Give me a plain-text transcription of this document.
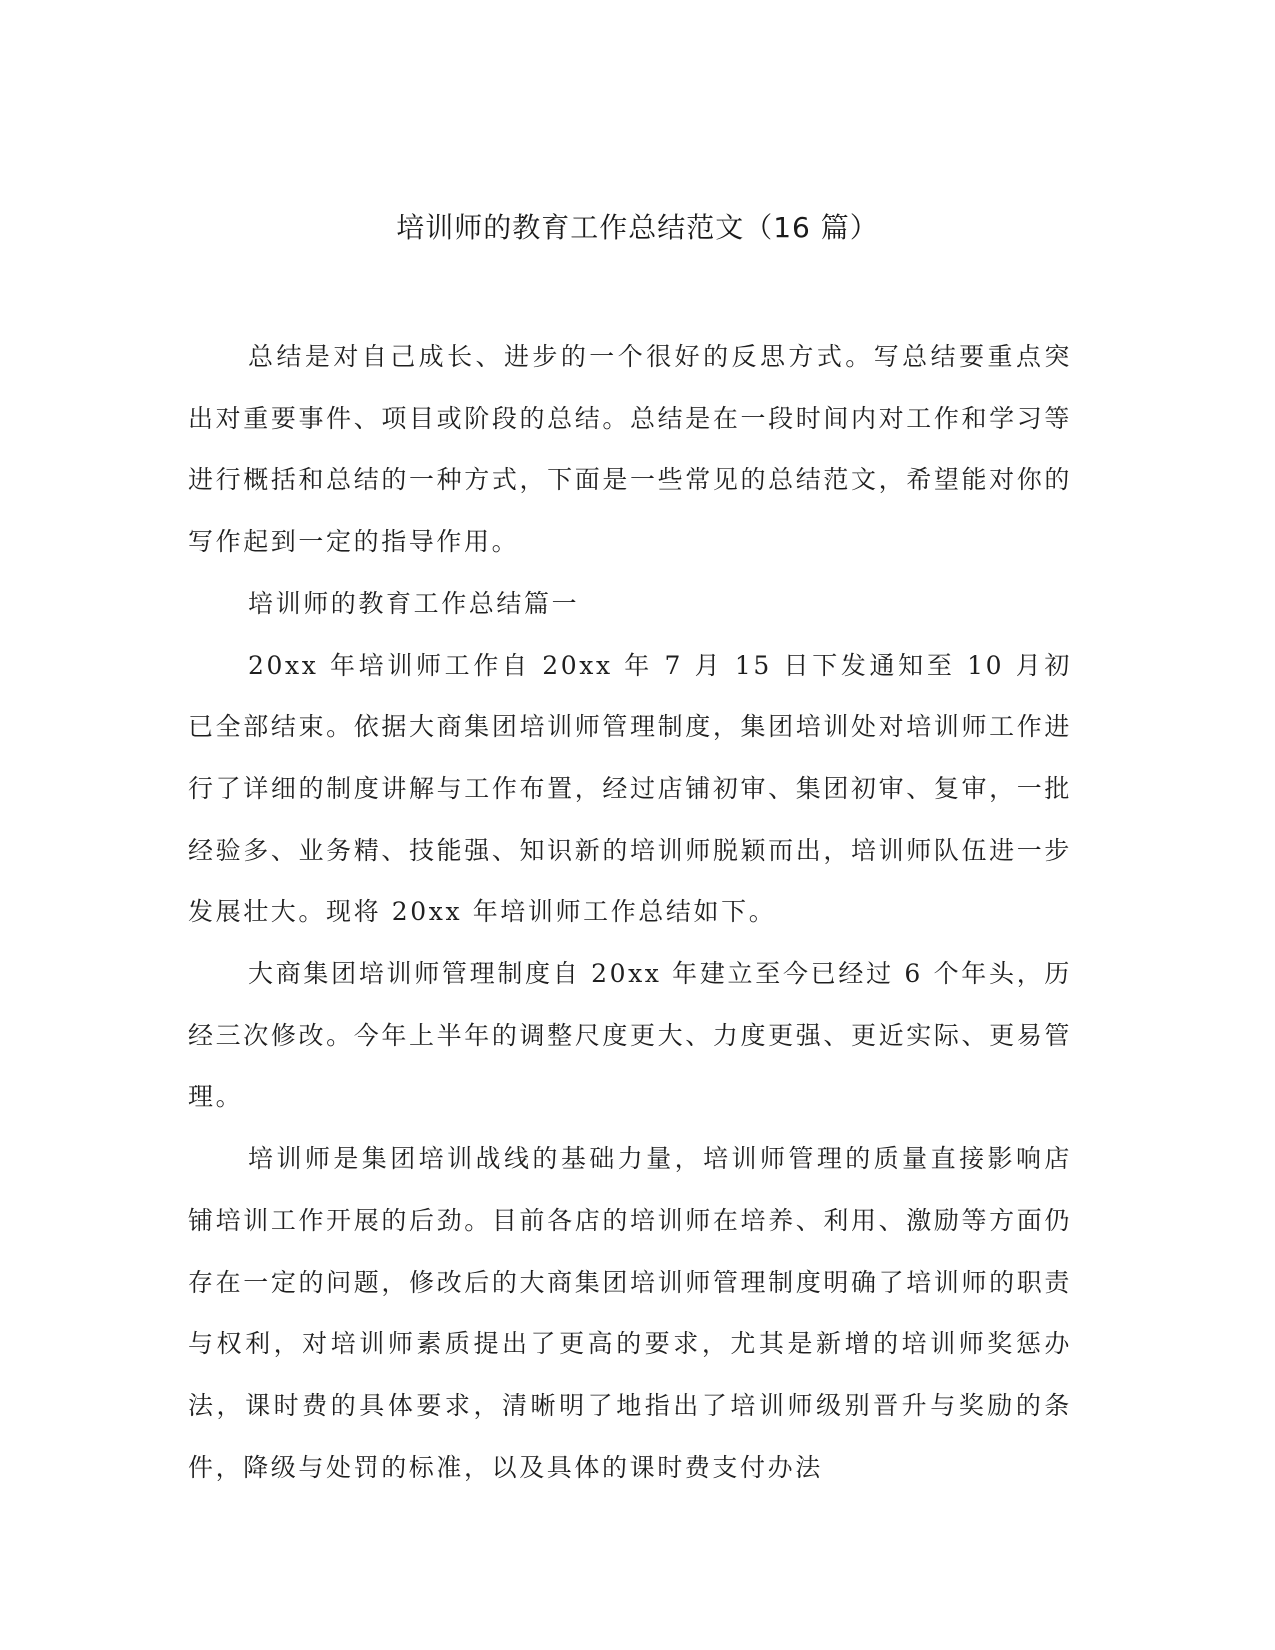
培训师的教育工作总结范文（16 篇）

总结是对自己成长、进步的一个很好的反思方式。写总结要重点突出对重要事件、项目或阶段的总结。总结是在一段时间内对工作和学习等进行概括和总结的一种方式，下面是一些常见的总结范文，希望能对你的写作起到一定的指导作用。

培训师的教育工作总结篇一

20xx 年培训师工作自 20xx 年 7 月 15 日下发通知至 10 月初已全部结束。依据大商集团培训师管理制度，集团培训处对培训师工作进行了详细的制度讲解与工作布置，经过店铺初审、集团初审、复审，一批经验多、业务精、技能强、知识新的培训师脱颖而出，培训师队伍进一步发展壮大。现将 20xx 年培训师工作总结如下。

大商集团培训师管理制度自 20xx 年建立至今已经过 6 个年头，历经三次修改。今年上半年的调整尺度更大、力度更强、更近实际、更易管理。

培训师是集团培训战线的基础力量，培训师管理的质量直接影响店铺培训工作开展的后劲。目前各店的培训师在培养、利用、激励等方面仍存在一定的问题，修改后的大商集团培训师管理制度明确了培训师的职责与权利，对培训师素质提出了更高的要求，尤其是新增的培训师奖惩办法，课时费的具体要求，清晰明了地指出了培训师级别晋升与奖励的条件，降级与处罚的标准，以及具体的课时费支付办法
